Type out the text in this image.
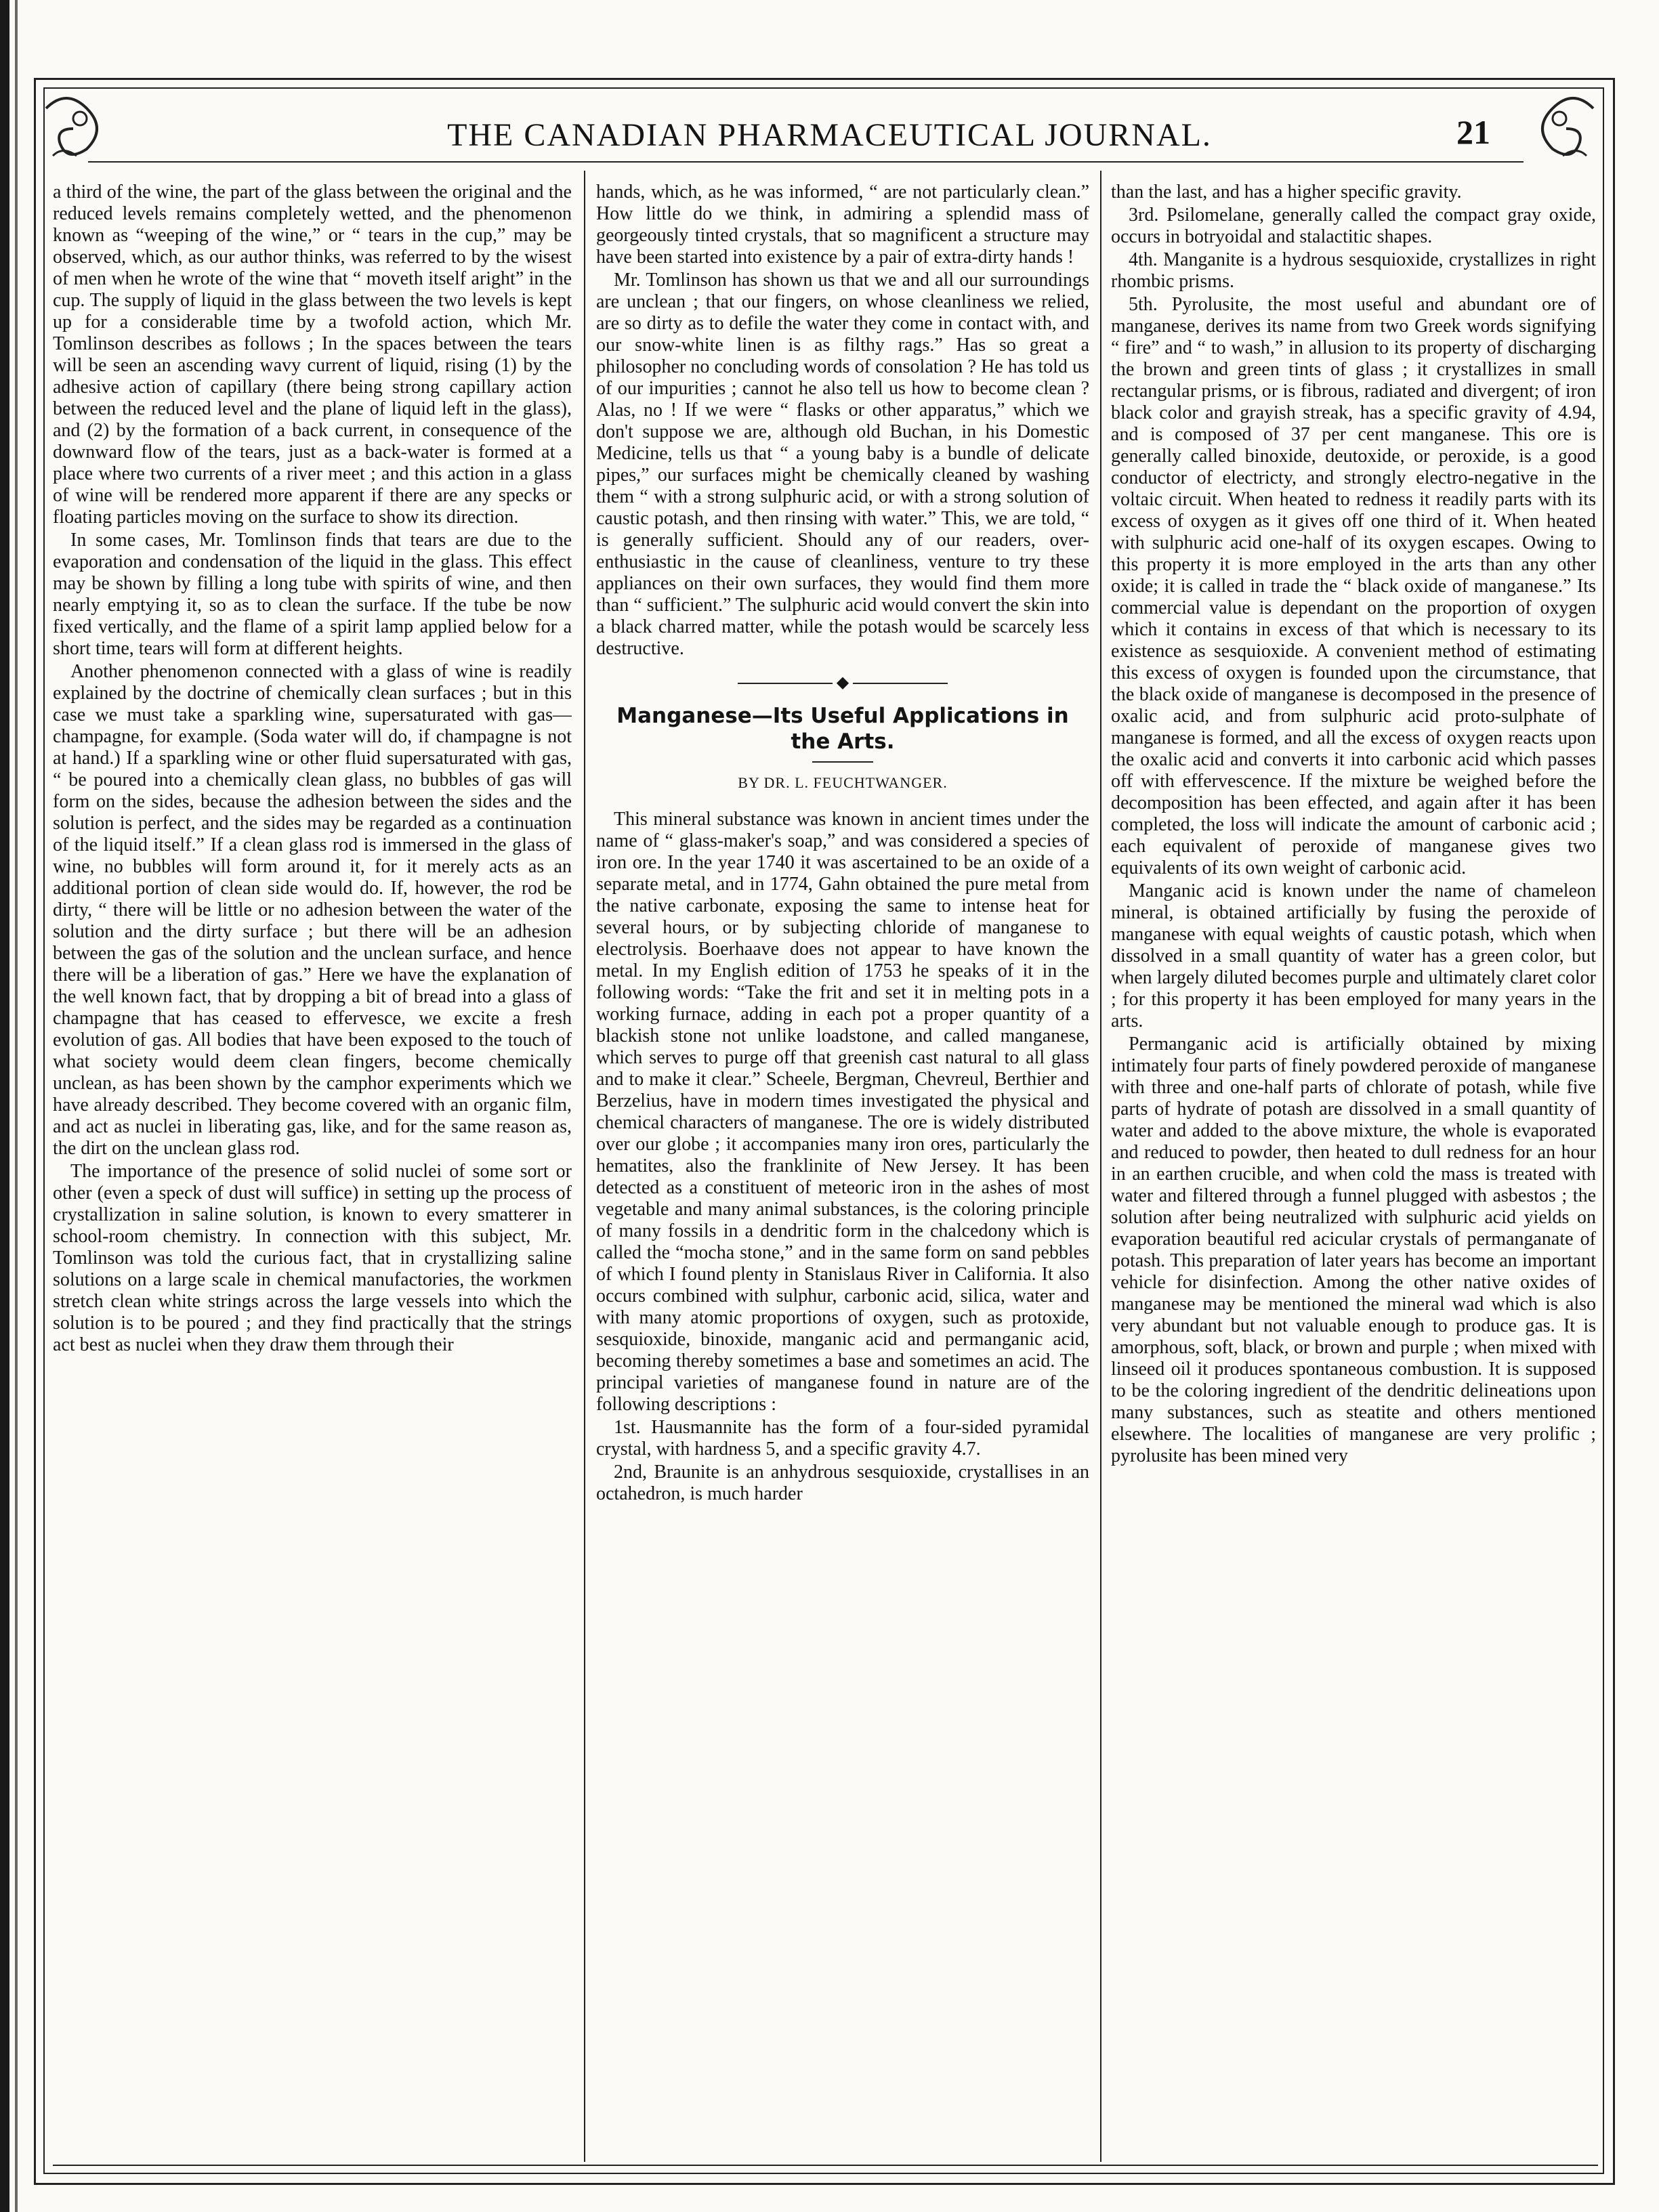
THE CANADIAN PHARMACEUTICAL JOURNAL.	21

a third of the wine, the part of the glass between the original and the reduced levels remains completely wetted, and the phenomenon known as “weeping of the wine,” or “ tears in the cup,” may be observed, which, as our author thinks, was referred to by the wisest of men when he wrote of the wine that “ moveth itself aright” in the cup. The supply of liquid in the glass between the two levels is kept up for a considerable time by a twofold action, which Mr. Tomlinson describes as follows ; In the spaces between the tears will be seen an ascending wavy current of liquid, rising (1) by the adhesive action of capillary (there being strong capillary action between the reduced level and the plane of liquid left in the glass), and (2) by the formation of a back current, in consequence of the downward flow of the tears, just as a back-water is formed at a place where two currents of a river meet ; and this action in a glass of wine will be rendered more apparent if there are any specks or floating particles moving on the surface to show its direction.

In some cases, Mr. Tomlinson finds that tears are due to the evaporation and condensation of the liquid in the glass. This effect may be shown by filling a long tube with spirits of wine, and then nearly emptying it, so as to clean the surface. If the tube be now fixed vertically, and the flame of a spirit lamp applied below for a short time, tears will form at different heights.

Another phenomenon connected with a glass of wine is readily explained by the doctrine of chemically clean surfaces ; but in this case we must take a sparkling wine, supersaturated with gas—champagne, for example. (Soda water will do, if champagne is not at hand.) If a sparkling wine or other fluid supersaturated with gas, “ be poured into a chemically clean glass, no bubbles of gas will form on the sides, because the adhesion between the sides and the solution is perfect, and the sides may be regarded as a continuation of the liquid itself.” If a clean glass rod is immersed in the glass of wine, no bubbles will form around it, for it merely acts as an additional portion of clean side would do. If, however, the rod be dirty, “ there will be little or no adhesion between the water of the solution and the dirty surface ; but there will be an adhesion between the gas of the solution and the unclean surface, and hence there will be a liberation of gas.” Here we have the explanation of the well known fact, that by dropping a bit of bread into a glass of champagne that has ceased to effervesce, we excite a fresh evolution of gas. All bodies that have been exposed to the touch of what society would deem clean fingers, become chemically unclean, as has been shown by the camphor experiments which we have already described. They become covered with an organic film, and act as nuclei in liberating gas, like, and for the same reason as, the dirt on the unclean glass rod.

The importance of the presence of solid nuclei of some sort or other (even a speck of dust will suffice) in setting up the process of crystallization in saline solution, is known to every smatterer in school-room chemistry. In connection with this subject, Mr. Tomlinson was told the curious fact, that in crystallizing saline solutions on a large scale in chemical manufactories, the workmen stretch clean white strings across the large vessels into which the solution is to be poured ; and they find practically that the strings act best as nuclei when they draw them through their

hands, which, as he was informed, “ are not particularly clean.” How little do we think, in admiring a splendid mass of georgeously tinted crystals, that so magnificent a structure may have been started into existence by a pair of extra-dirty hands !

Mr. Tomlinson has shown us that we and all our surroundings are unclean ; that our fingers, on whose cleanliness we relied, are so dirty as to defile the water they come in contact with, and our snow-white linen is as filthy rags.” Has so great a philosopher no concluding words of consolation ? He has told us of our impurities ; cannot he also tell us how to become clean ? Alas, no ! If we were “ flasks or other apparatus,” which we don't suppose we are, although old Buchan, in his Domestic Medicine, tells us that “ a young baby is a bundle of delicate pipes,” our surfaces might be chemically cleaned by washing them “ with a strong sulphuric acid, or with a strong solution of caustic potash, and then rinsing with water.” This, we are told, “ is generally sufficient. Should any of our readers, over-enthusiastic in the cause of cleanliness, venture to try these appliances on their own surfaces, they would find them more than “ sufficient.” The sulphuric acid would convert the skin into a black charred matter, while the potash would be scarcely less destructive.

◆
Manganese—Its Useful Applications in the Arts.
BY DR. L. FEUCHTWANGER.

This mineral substance was known in ancient times under the name of “ glass-maker's soap,” and was considered a species of iron ore. In the year 1740 it was ascertained to be an oxide of a separate metal, and in 1774, Gahn obtained the pure metal from the native carbonate, exposing the same to intense heat for several hours, or by subjecting chloride of manganese to electrolysis. Boerhaave does not appear to have known the metal. In my English edition of 1753 he speaks of it in the following words: “Take the frit and set it in melting pots in a working furnace, adding in each pot a proper quantity of a blackish stone not unlike loadstone, and called manganese, which serves to purge off that greenish cast natural to all glass and to make it clear.” Scheele, Bergman, Chevreul, Berthier and Berzelius, have in modern times investigated the physical and chemical characters of manganese. The ore is widely distributed over our globe ; it accompanies many iron ores, particularly the hematites, also the franklinite of New Jersey. It has been detected as a constituent of meteoric iron in the ashes of most vegetable and many animal substances, is the coloring principle of many fossils in a dendritic form in the chalcedony which is called the “mocha stone,” and in the same form on sand pebbles of which I found plenty in Stanislaus River in California. It also occurs combined with sulphur, carbonic acid, silica, water and with many atomic proportions of oxygen, such as protoxide, sesquioxide, binoxide, manganic acid and permanganic acid, becoming thereby sometimes a base and sometimes an acid. The principal varieties of manganese found in nature are of the following descriptions :

1st. Hausmannite has the form of a four-sided pyramidal crystal, with hardness 5, and a specific gravity 4.7.

2nd, Braunite is an anhydrous sesquioxide, crystallises in an octahedron, is much harder

than the last, and has a higher specific gravity.

3rd. Psilomelane, generally called the compact gray oxide, occurs in botryoidal and stalactitic shapes.

4th. Manganite is a hydrous sesquioxide, crystallizes in right rhombic prisms.

5th. Pyrolusite, the most useful and abundant ore of manganese, derives its name from two Greek words signifying “ fire” and “ to wash,” in allusion to its property of discharging the brown and green tints of glass ; it crystallizes in small rectangular prisms, or is fibrous, radiated and divergent; of iron black color and grayish streak, has a specific gravity of 4.94, and is composed of 37 per cent manganese. This ore is generally called binoxide, deutoxide, or peroxide, is a good conductor of electricty, and strongly electro-negative in the voltaic circuit. When heated to redness it readily parts with its excess of oxygen as it gives off one third of it. When heated with sulphuric acid one-half of its oxygen escapes. Owing to this property it is more employed in the arts than any other oxide; it is called in trade the “ black oxide of manganese.” Its commercial value is dependant on the proportion of oxygen which it contains in excess of that which is necessary to its existence as sesquioxide. A convenient method of estimating this excess of oxygen is founded upon the circumstance, that the black oxide of manganese is decomposed in the presence of oxalic acid, and from sulphuric acid proto-sulphate of manganese is formed, and all the excess of oxygen reacts upon the oxalic acid and converts it into carbonic acid which passes off with effervescence. If the mixture be weighed before the decomposition has been effected, and again after it has been completed, the loss will indicate the amount of carbonic acid ; each equivalent of peroxide of manganese gives two equivalents of its own weight of carbonic acid.

Manganic acid is known under the name of chameleon mineral, is obtained artificially by fusing the peroxide of manganese with equal weights of caustic potash, which when dissolved in a small quantity of water has a green color, but when largely diluted becomes purple and ultimately claret color ; for this property it has been employed for many years in the arts.

Permanganic acid is artificially obtained by mixing intimately four parts of finely powdered peroxide of manganese with three and one-half parts of chlorate of potash, while five parts of hydrate of potash are dissolved in a small quantity of water and added to the above mixture, the whole is evaporated and reduced to powder, then heated to dull redness for an hour in an earthen crucible, and when cold the mass is treated with water and filtered through a funnel plugged with asbestos ; the solution after being neutralized with sulphuric acid yields on evaporation beautiful red acicular crystals of permanganate of potash. This preparation of later years has become an important vehicle for disinfection. Among the other native oxides of manganese may be mentioned the mineral wad which is also very abundant but not valuable enough to produce gas. It is amorphous, soft, black, or brown and purple ; when mixed with linseed oil it produces spontaneous combustion. It is supposed to be the coloring ingredient of the dendritic delineations upon many substances, such as steatite and others mentioned elsewhere. The localities of manganese are very prolific ; pyrolusite has been mined very
